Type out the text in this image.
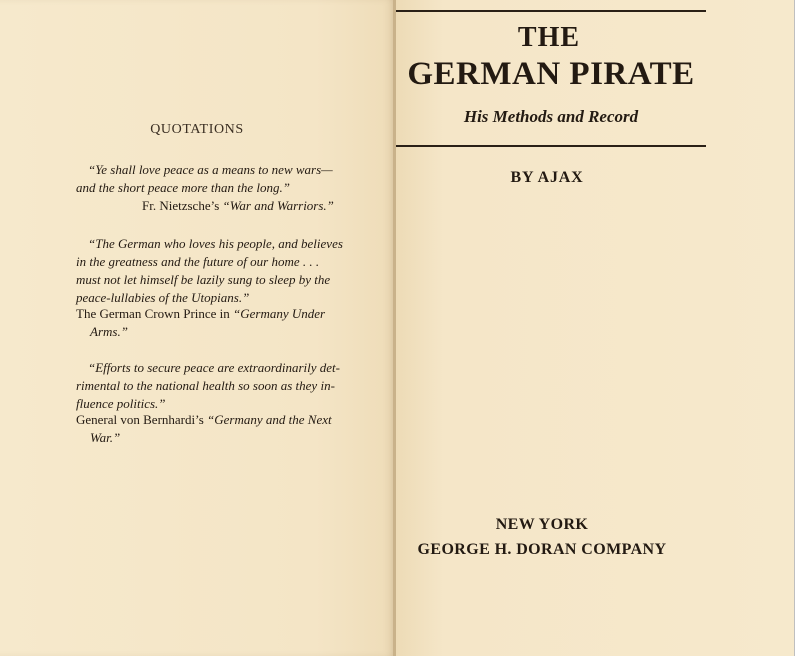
QUOTATIONS

“Ye shall love peace as a means to new wars—

and the short peace more than the long.”

Fr. Nietzsche’s “War and Warriors.”

“The German who loves his people, and believes

in the greatness and the future of our home . . .

must not let himself be lazily sung to sleep by the

peace-lullabies of the Utopians.”

The German Crown Prince in “Germany Under
Arms.”

“Efforts to secure peace are extraordinarily det-

rimental to the national health so soon as they in-

fluence politics.”

General von Bernhardi’s “Germany and the Next
War.”
THE
GERMAN PIRATE
His Methods and Record
BY AJAX
NEW YORK
GEORGE H. DORAN COMPANY
